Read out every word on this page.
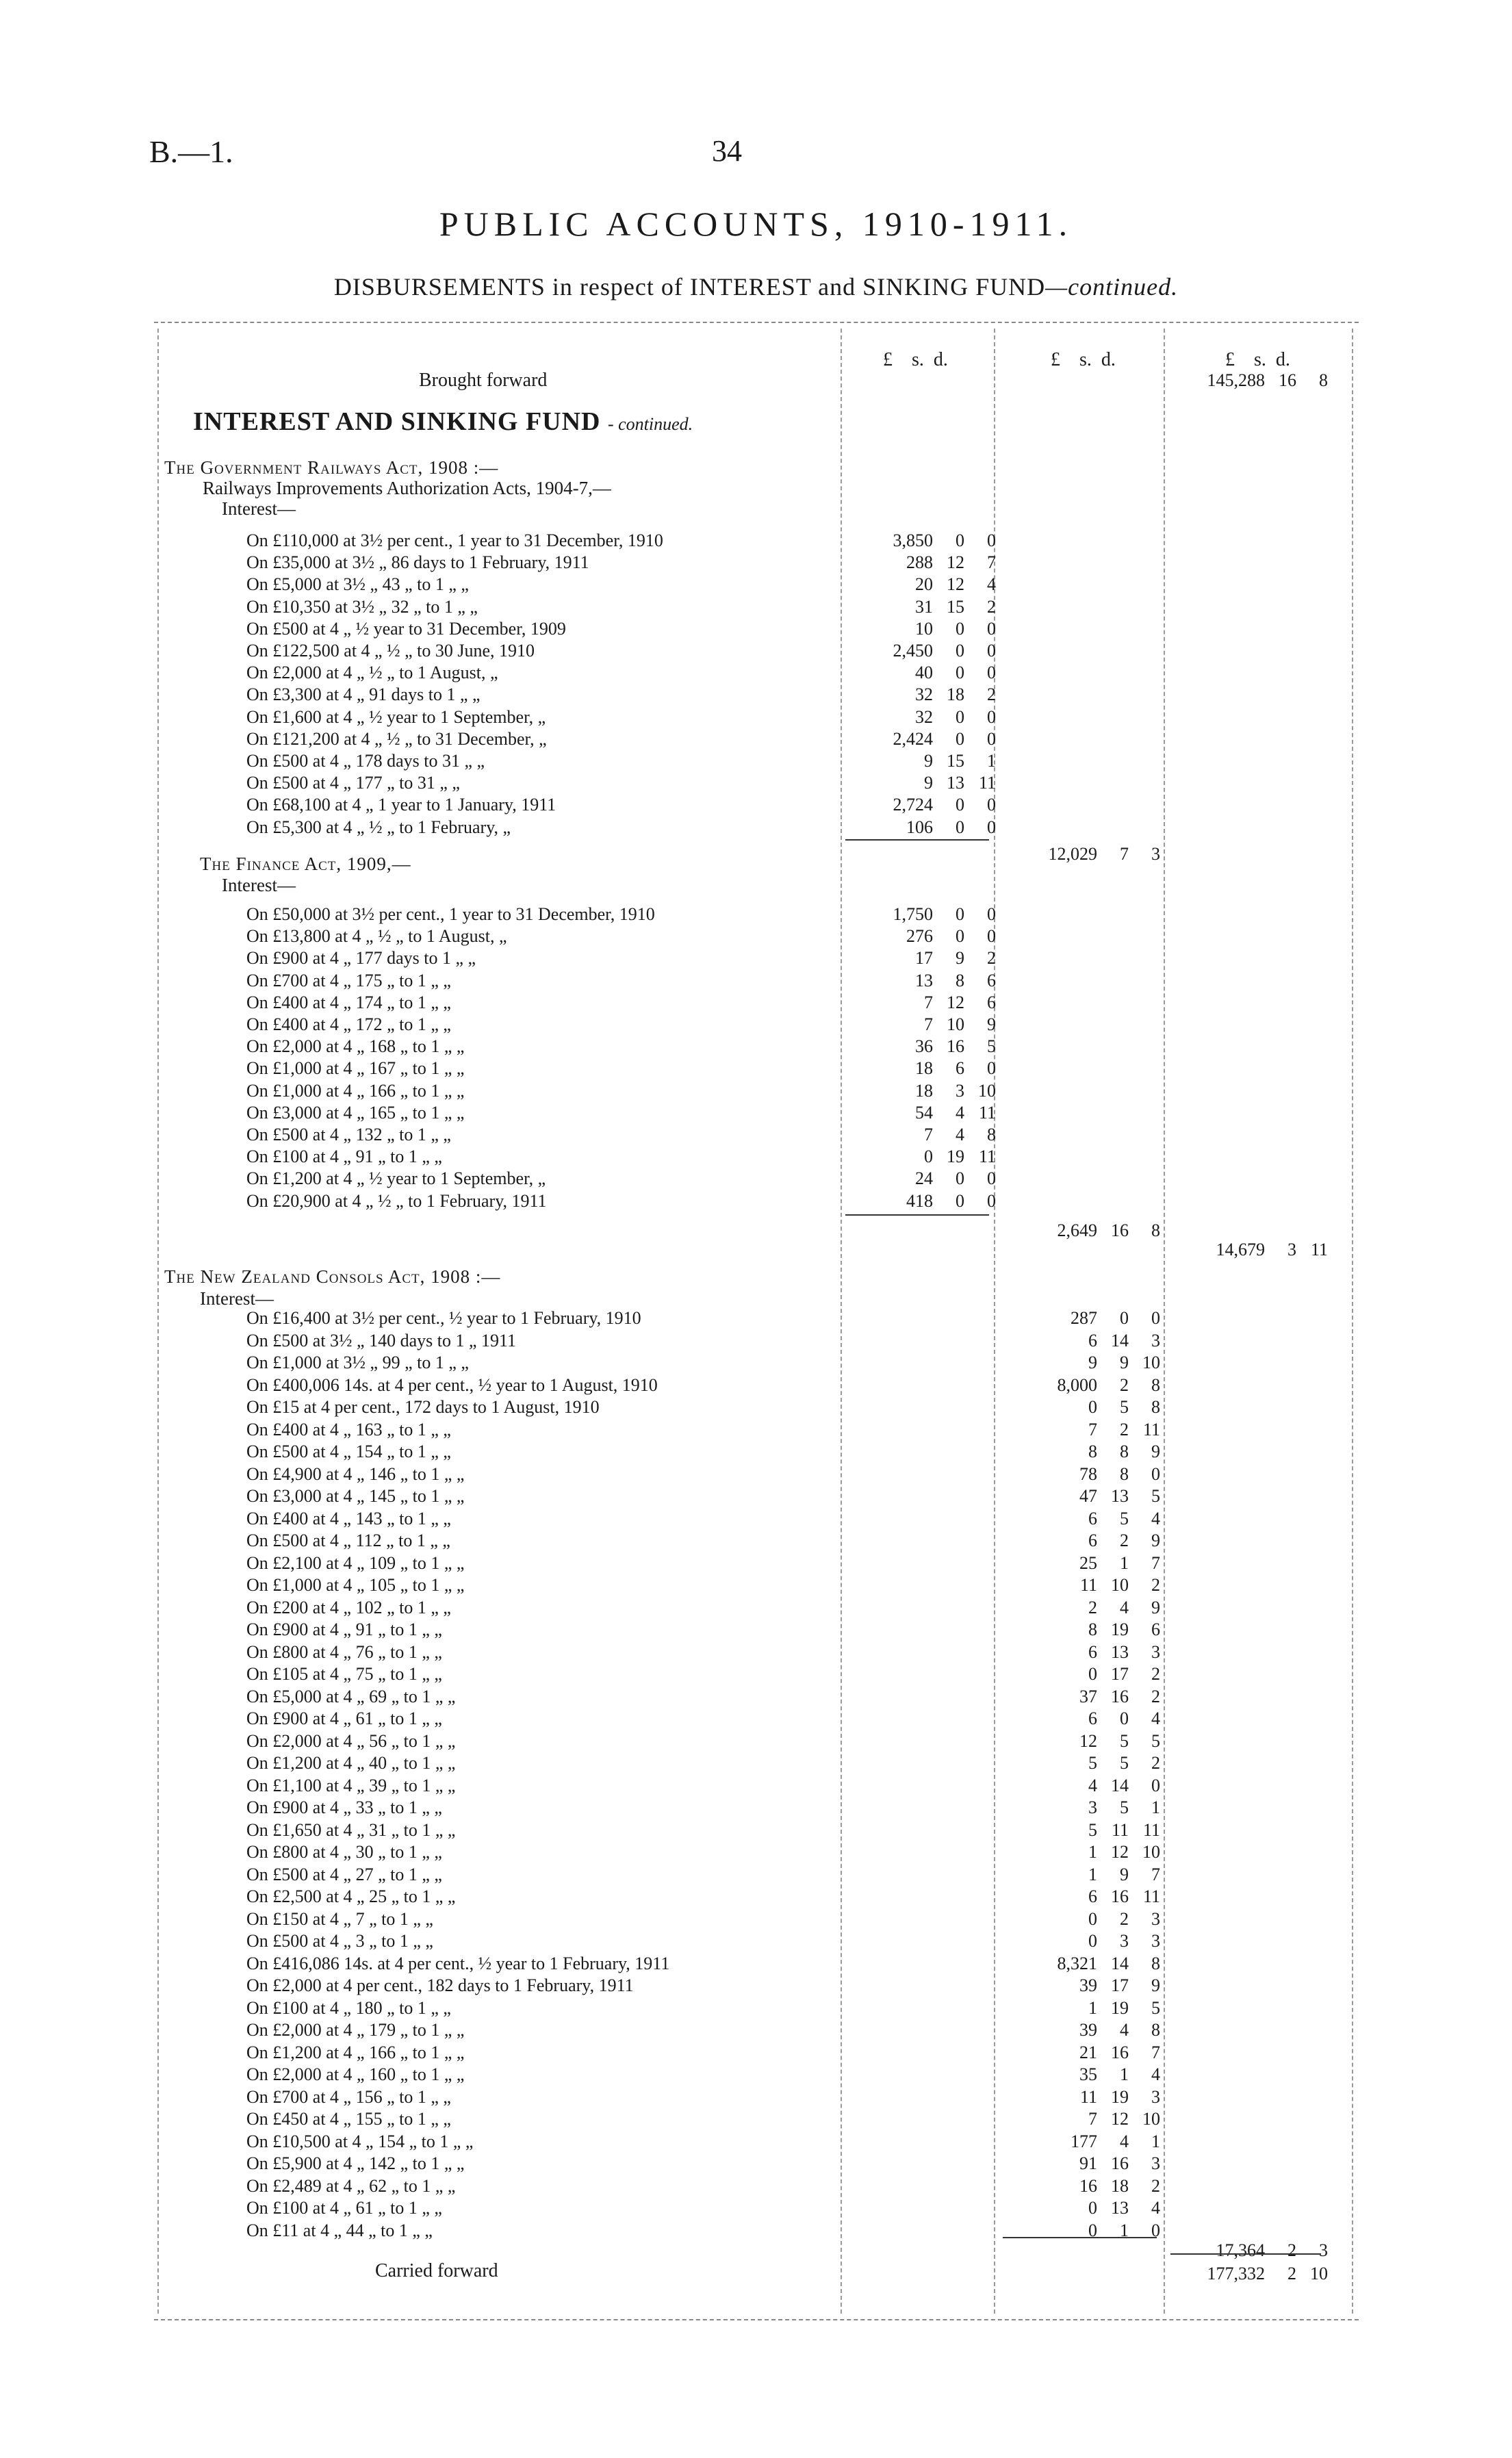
B.—1.	34
PUBLIC ACCOUNTS, 1910-1911.
DISBURSEMENTS in respect of INTEREST and SINKING FUND—continued.
£ s. d.	£ s. d.	£ s. d.
Brought forward	145,288 16 8
INTEREST AND SINKING FUND - continued.
The Government Railways Act, 1908 :—
Railways Improvements Authorization Acts, 1904-7,—
Interest—
On £110,000 at 3½ per cent., 1 year to 31 December, 1910	3,850 0 0
On £35,000 at 3½ „ 86 days to 1 February, 1911	288 12 7
On £5,000 at 3½ „ 43 „ to 1 „ „	20 12 4
On £10,350 at 3½ „ 32 „ to 1 „ „	31 15 2
On £500 at 4 „ ½ year to 31 December, 1909	10 0 0
On £122,500 at 4 „ ½ „ to 30 June, 1910	2,450 0 0
On £2,000 at 4 „ ½ „ to 1 August, „	40 0 0
On £3,300 at 4 „ 91 days to 1 „ „	32 18 2
On £1,600 at 4 „ ½ year to 1 September, „	32 0 0
On £121,200 at 4 „ ½ „ to 31 December, „	2,424 0 0
On £500 at 4 „ 178 days to 31 „ „	9 15 1
On £500 at 4 „ 177 „ to 31 „ „	9 13 11
On £68,100 at 4 „ 1 year to 1 January, 1911	2,724 0 0
On £5,300 at 4 „ ½ „ to 1 February, „	106 0 0
12,029 7 3
The Finance Act, 1909,—
Interest—
On £50,000 at 3½ per cent., 1 year to 31 December, 1910	1,750 0 0
On £13,800 at 4 „ ½ „ to 1 August, „	276 0 0
On £900 at 4 „ 177 days to 1 „ „	17 9 2
On £700 at 4 „ 175 „ to 1 „ „	13 8 6
On £400 at 4 „ 174 „ to 1 „ „	7 12 6
On £400 at 4 „ 172 „ to 1 „ „	7 10 9
On £2,000 at 4 „ 168 „ to 1 „ „	36 16 5
On £1,000 at 4 „ 167 „ to 1 „ „	18 6 0
On £1,000 at 4 „ 166 „ to 1 „ „	18 3 10
On £3,000 at 4 „ 165 „ to 1 „ „	54 4 11
On £500 at 4 „ 132 „ to 1 „ „	7 4 8
On £100 at 4 „ 91 „ to 1 „ „	0 19 11
On £1,200 at 4 „ ½ year to 1 September, „	24 0 0
On £20,900 at 4 „ ½ „ to 1 February, 1911	418 0 0
2,649 16 8
14,679 3 11
The New Zealand Consols Act, 1908 :—
Interest—
On £16,400 at 3½ per cent., ½ year to 1 February, 1910	287 0 0
On £500 at 3½ „ 140 days to 1 „ 1911	6 14 3
On £1,000 at 3½ „ 99 „ to 1 „ „	9 9 10
On £400,006 14s. at 4 per cent., ½ year to 1 August, 1910	8,000 2 8
On £15 at 4 per cent., 172 days to 1 August, 1910	0 5 8
On £400 at 4 „ 163 „ to 1 „ „	7 2 11
On £500 at 4 „ 154 „ to 1 „ „	8 8 9
On £4,900 at 4 „ 146 „ to 1 „ „	78 8 0
On £3,000 at 4 „ 145 „ to 1 „ „	47 13 5
On £400 at 4 „ 143 „ to 1 „ „	6 5 4
On £500 at 4 „ 112 „ to 1 „ „	6 2 9
On £2,100 at 4 „ 109 „ to 1 „ „	25 1 7
On £1,000 at 4 „ 105 „ to 1 „ „	11 10 2
On £200 at 4 „ 102 „ to 1 „ „	2 4 9
On £900 at 4 „ 91 „ to 1 „ „	8 19 6
On £800 at 4 „ 76 „ to 1 „ „	6 13 3
On £105 at 4 „ 75 „ to 1 „ „	0 17 2
On £5,000 at 4 „ 69 „ to 1 „ „	37 16 2
On £900 at 4 „ 61 „ to 1 „ „	6 0 4
On £2,000 at 4 „ 56 „ to 1 „ „	12 5 5
On £1,200 at 4 „ 40 „ to 1 „ „	5 5 2
On £1,100 at 4 „ 39 „ to 1 „ „	4 14 0
On £900 at 4 „ 33 „ to 1 „ „	3 5 1
On £1,650 at 4 „ 31 „ to 1 „ „	5 11 11
On £800 at 4 „ 30 „ to 1 „ „	1 12 10
On £500 at 4 „ 27 „ to 1 „ „	1 9 7
On £2,500 at 4 „ 25 „ to 1 „ „	6 16 11
On £150 at 4 „ 7 „ to 1 „ „	0 2 3
On £500 at 4 „ 3 „ to 1 „ „	0 3 3
On £416,086 14s. at 4 per cent., ½ year to 1 February, 1911	8,321 14 8
On £2,000 at 4 per cent., 182 days to 1 February, 1911	39 17 9
On £100 at 4 „ 180 „ to 1 „ „	1 19 5
On £2,000 at 4 „ 179 „ to 1 „ „	39 4 8
On £1,200 at 4 „ 166 „ to 1 „ „	21 16 7
On £2,000 at 4 „ 160 „ to 1 „ „	35 1 4
On £700 at 4 „ 156 „ to 1 „ „	11 19 3
On £450 at 4 „ 155 „ to 1 „ „	7 12 10
On £10,500 at 4 „ 154 „ to 1 „ „	177 4 1
On £5,900 at 4 „ 142 „ to 1 „ „	91 16 3
On £2,489 at 4 „ 62 „ to 1 „ „	16 18 2
On £100 at 4 „ 61 „ to 1 „ „	0 13 4
On £11 at 4 „ 44 „ to 1 „ „	0 1 0
17,364 2 3
Carried forward	177,332 2 10
